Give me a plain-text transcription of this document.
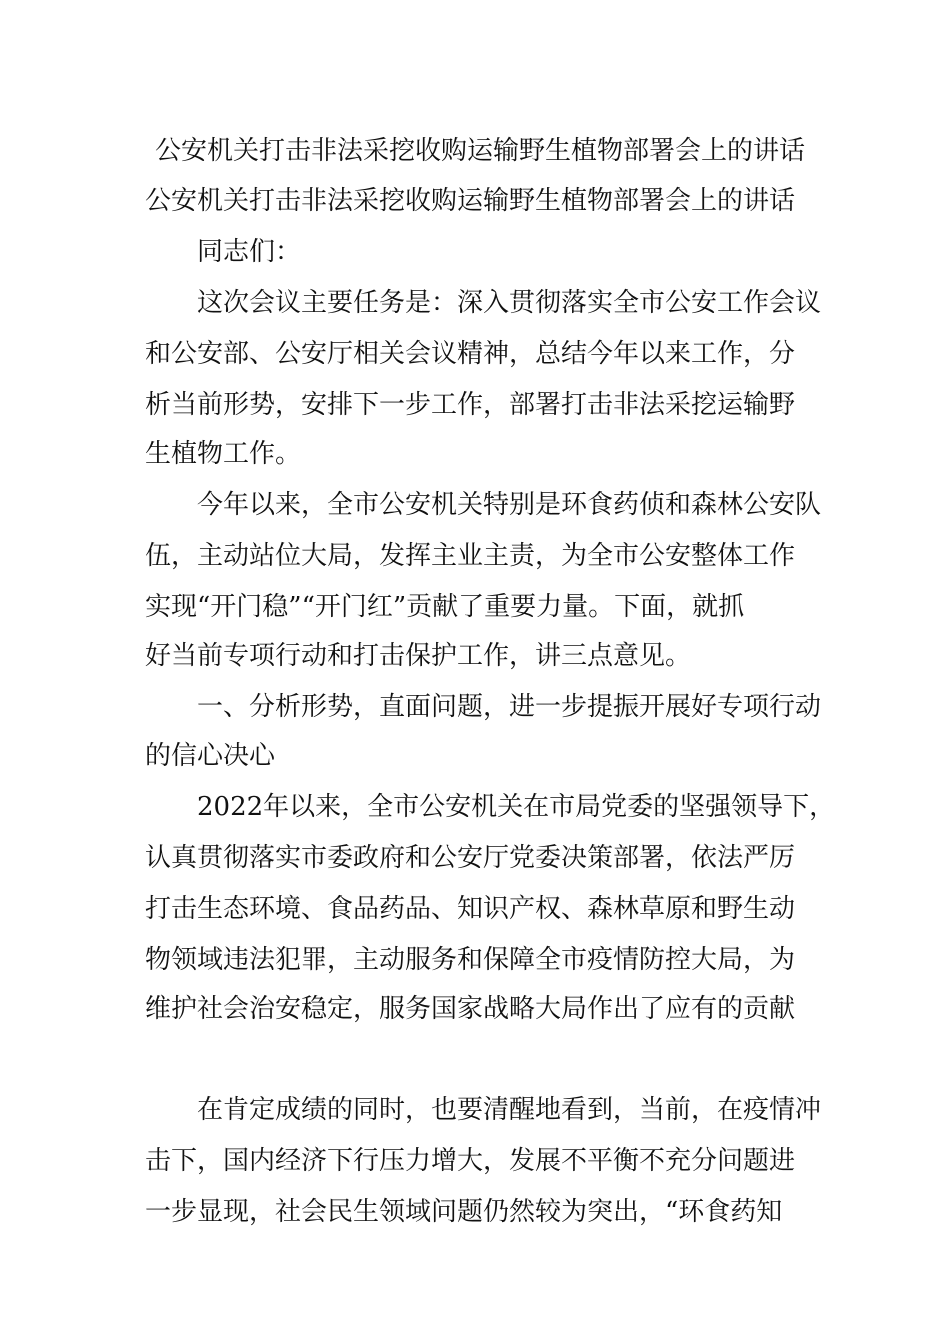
公安机关打击非法采挖收购运输野生植物部署会上的讲话
公安机关打击非法采挖收购运输野生植物部署会上的讲话
　　同志们：
　　这次会议主要任务是：深入贯彻落实全市公安工作会议
和公安部、公安厅相关会议精神，总结今年以来工作，分
析当前形势，安排下一步工作，部署打击非法采挖运输野
生植物工作。
　　今年以来，全市公安机关特别是环食药侦和森林公安队
伍，主动站位大局，发挥主业主责，为全市公安整体工作
实现“开门稳”“开门红”贡献了重要力量。下面，就抓
好当前专项行动和打击保护工作，讲三点意见。
　　一、分析形势，直面问题，进一步提振开展好专项行动
的信心决心
　　2022年以来，全市公安机关在市局党委的坚强领导下，
认真贯彻落实市委政府和公安厅党委决策部署，依法严厉
打击生态环境、食品药品、知识产权、森林草原和野生动
物领域违法犯罪，主动服务和保障全市疫情防控大局，为
维护社会治安稳定，服务国家战略大局作出了应有的贡献
　　在肯定成绩的同时，也要清醒地看到，当前，在疫情冲
击下，国内经济下行压力增大，发展不平衡不充分问题进
一步显现，社会民生领域问题仍然较为突出，“环食药知
